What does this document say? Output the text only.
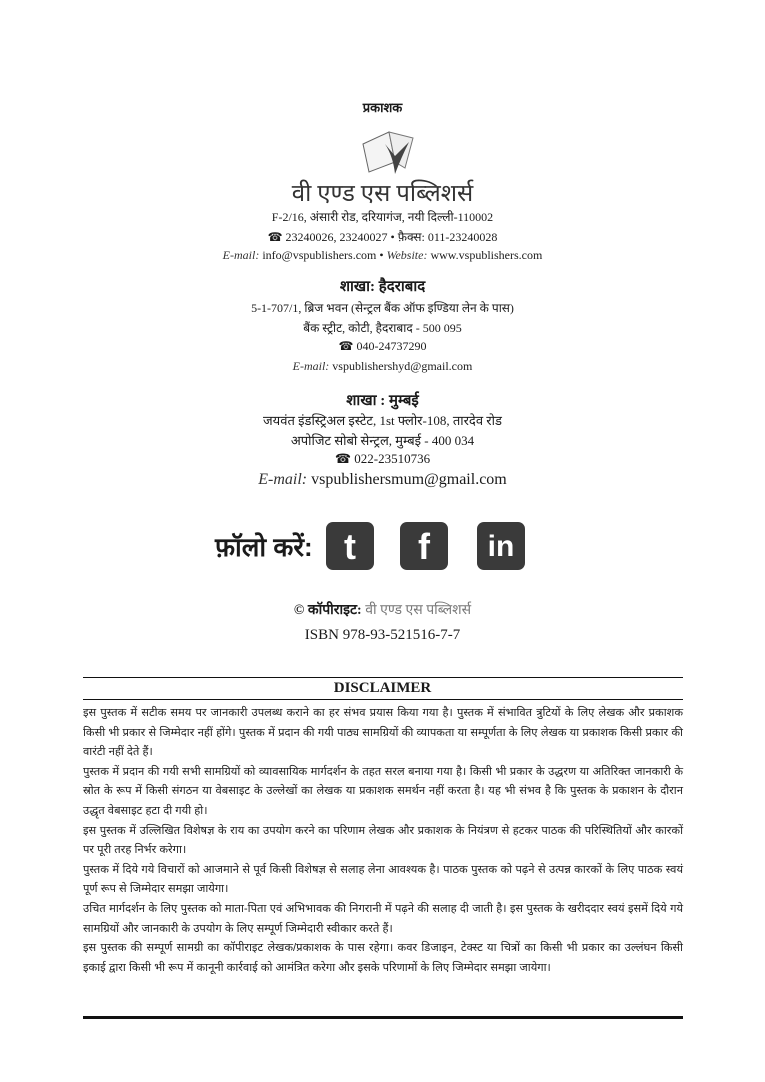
प्रकाशक
वी एण्ड एस पब्लिशर्स
F-2/16, अंसारी रोड, दरियागंज, नयी दिल्ली-110002
☎ 23240026, 23240027 • फ़ैक्स: 011-23240028
E-mail: info@vspublishers.com • Website: www.vspublishers.com
शाखा: हैदराबाद
5-1-707/1, ब्रिज भवन (सेन्ट्रल बैंक ऑफ इण्डिया लेन के पास)
बैंक स्ट्रीट, कोटी, हैदराबाद - 500 095
☎ 040-24737290
E-mail: vspublishershyd@gmail.com
शाखा : मुम्बई
जयवंत इंडस्ट्रिअल इस्टेट, 1st फ्लोर-108, तारदेव रोड
अपोजिट सोबो सेन्ट्रल, मुम्बई - 400 034
☎ 022-23510736
E-mail: vspublishersmum@gmail.com
फ़ॉलो करें: t	f	in
© कॉपीराइट: वी एण्ड एस पब्लिशर्स
ISBN 978-93-521516-7-7
DISCLAIMER

इस पुस्तक में सटीक समय पर जानकारी उपलब्ध कराने का हर संभव प्रयास किया गया है। पुस्तक में संभावित त्रुटियों के लिए लेखक और प्रकाशक किसी भी प्रकार से जिम्मेदार नहीं होंगे। पुस्तक में प्रदान की गयी पाठ्य सामग्रियों की व्यापकता या सम्पूर्णता के लिए लेखक या प्रकाशक किसी प्रकार की वारंटी नहीं देते हैं।

पुस्तक में प्रदान की गयी सभी सामग्रियों को व्यावसायिक मार्गदर्शन के तहत सरल बनाया गया है। किसी भी प्रकार के उद्धरण या अतिरिक्त जानकारी के स्रोत के रूप में किसी संगठन या वेबसाइट के उल्लेखों का लेखक या प्रकाशक समर्थन नहीं करता है। यह भी संभव है कि पुस्तक के प्रकाशन के दौरान उद्धृत वेबसाइट हटा दी गयी हो।

इस पुस्तक में उल्लिखित विशेषज्ञ के राय का उपयोग करने का परिणाम लेखक और प्रकाशक के नियंत्रण से हटकर पाठक की परिस्थितियों और कारकों पर पूरी तरह निर्भर करेगा।

पुस्तक में दिये गये विचारों को आजमाने से पूर्व किसी विशेषज्ञ से सलाह लेना आवश्यक है। पाठक पुस्तक को पढ़ने से उत्पन्न कारकों के लिए पाठक स्वयं पूर्ण रूप से जिम्मेदार समझा जायेगा।

उचित मार्गदर्शन के लिए पुस्तक को माता-पिता एवं अभिभावक की निगरानी में पढ़ने की सलाह दी जाती है। इस पुस्तक के खरीददार स्वयं इसमें दिये गये सामग्रियों और जानकारी के उपयोग के लिए सम्पूर्ण जिम्मेदारी स्वीकार करते हैं।

इस पुस्तक की सम्पूर्ण सामग्री का कॉपीराइट लेखक/प्रकाशक के पास रहेगा। कवर डिजाइन, टेक्स्ट या चित्रों का किसी भी प्रकार का उल्लंघन किसी इकाई द्वारा किसी भी रूप में कानूनी कार्रवाई को आमंत्रित करेगा और इसके परिणामों के लिए जिम्मेदार समझा जायेगा।
